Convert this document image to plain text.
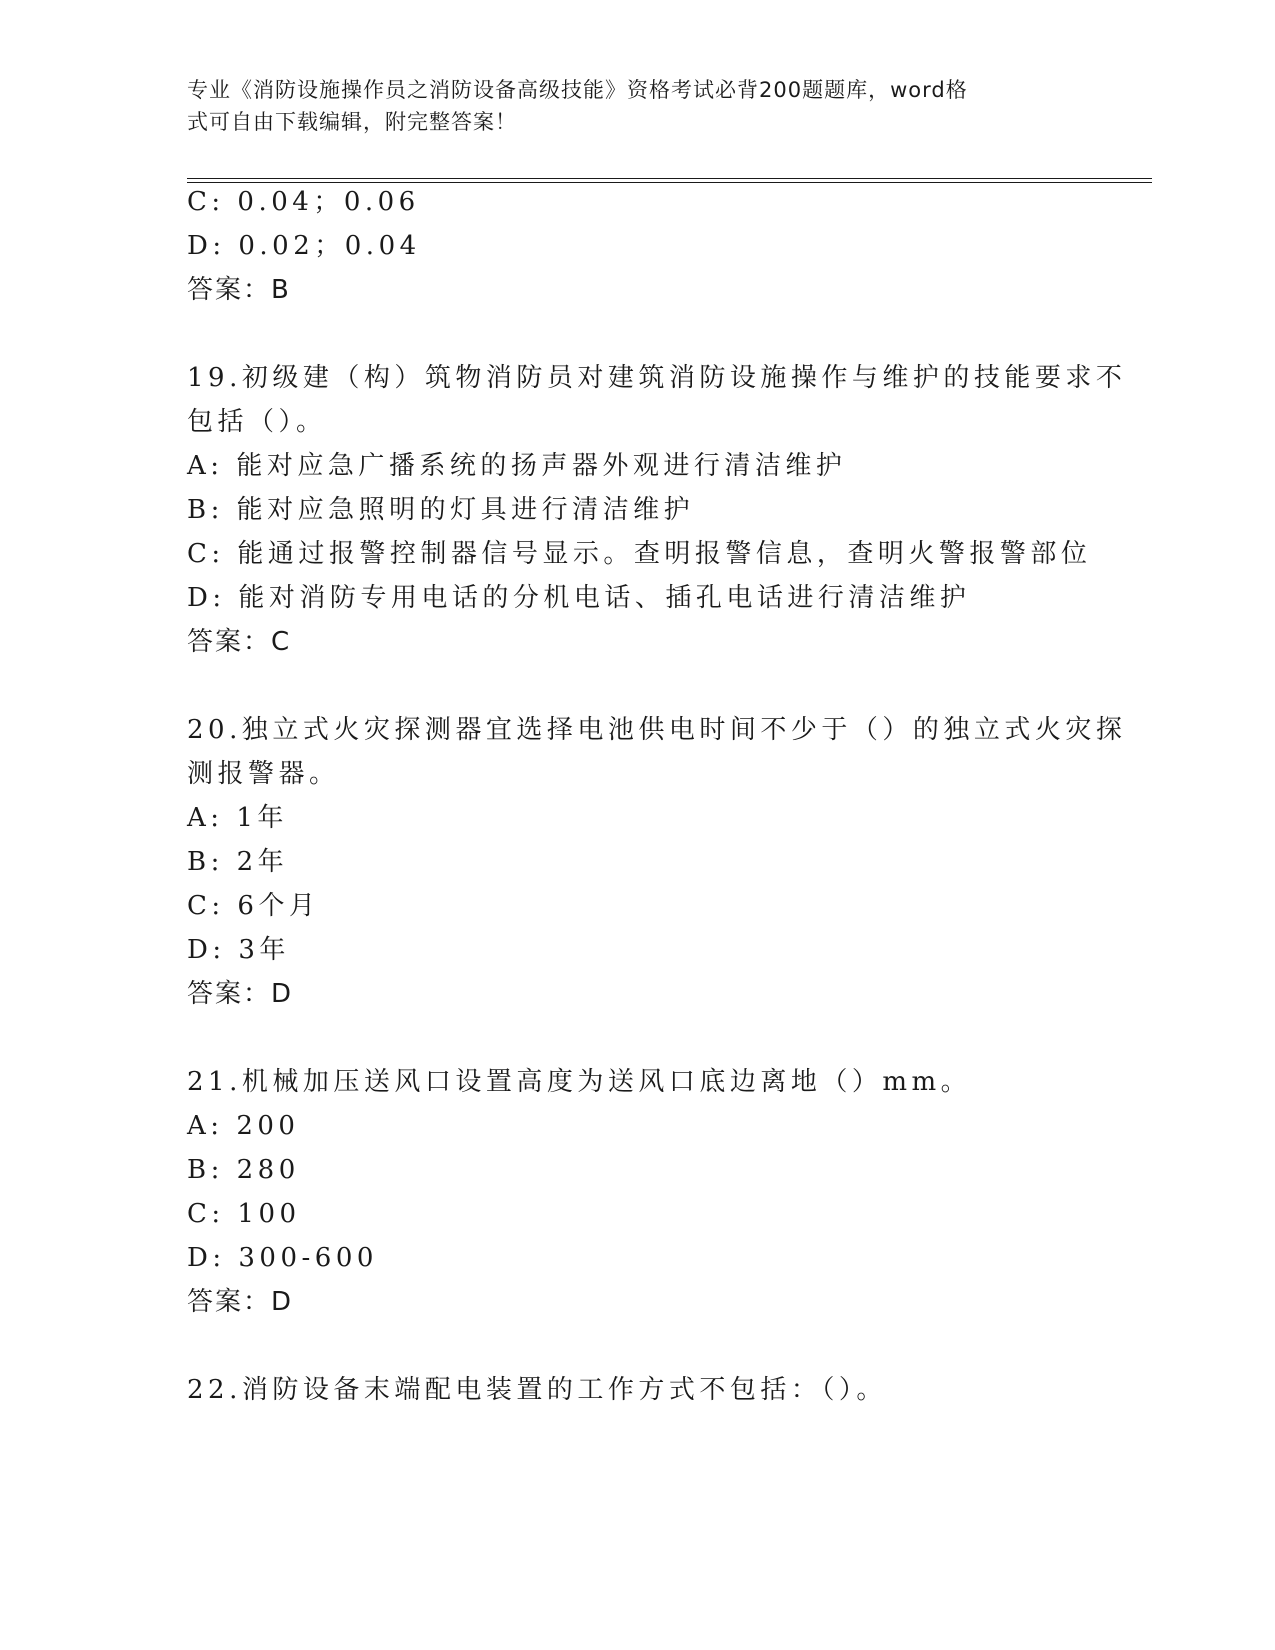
专业《消防设施操作员之消防设备高级技能》资格考试必背200题题库，word格
式可自由下载编辑，附完整答案！
C: 0.04；0.06
D: 0.02；0.04
答案：B
19.初级建（构）筑物消防员对建筑消防设施操作与维护的技能要求不
包括（）。
A: 能对应急广播系统的扬声器外观进行清洁维护
B: 能对应急照明的灯具进行清洁维护
C: 能通过报警控制器信号显示。查明报警信息，查明火警报警部位
D: 能对消防专用电话的分机电话、插孔电话进行清洁维护
答案：C
20.独立式火灾探测器宜选择电池供电时间不少于（）的独立式火灾探
测报警器。
A: 1年
B: 2年
C: 6个月
D: 3年
答案：D
21.机械加压送风口设置高度为送风口底边离地（）mm。
A: 200
B: 280
C: 100
D: 300-600
答案：D
22.消防设备末端配电装置的工作方式不包括：（）。
